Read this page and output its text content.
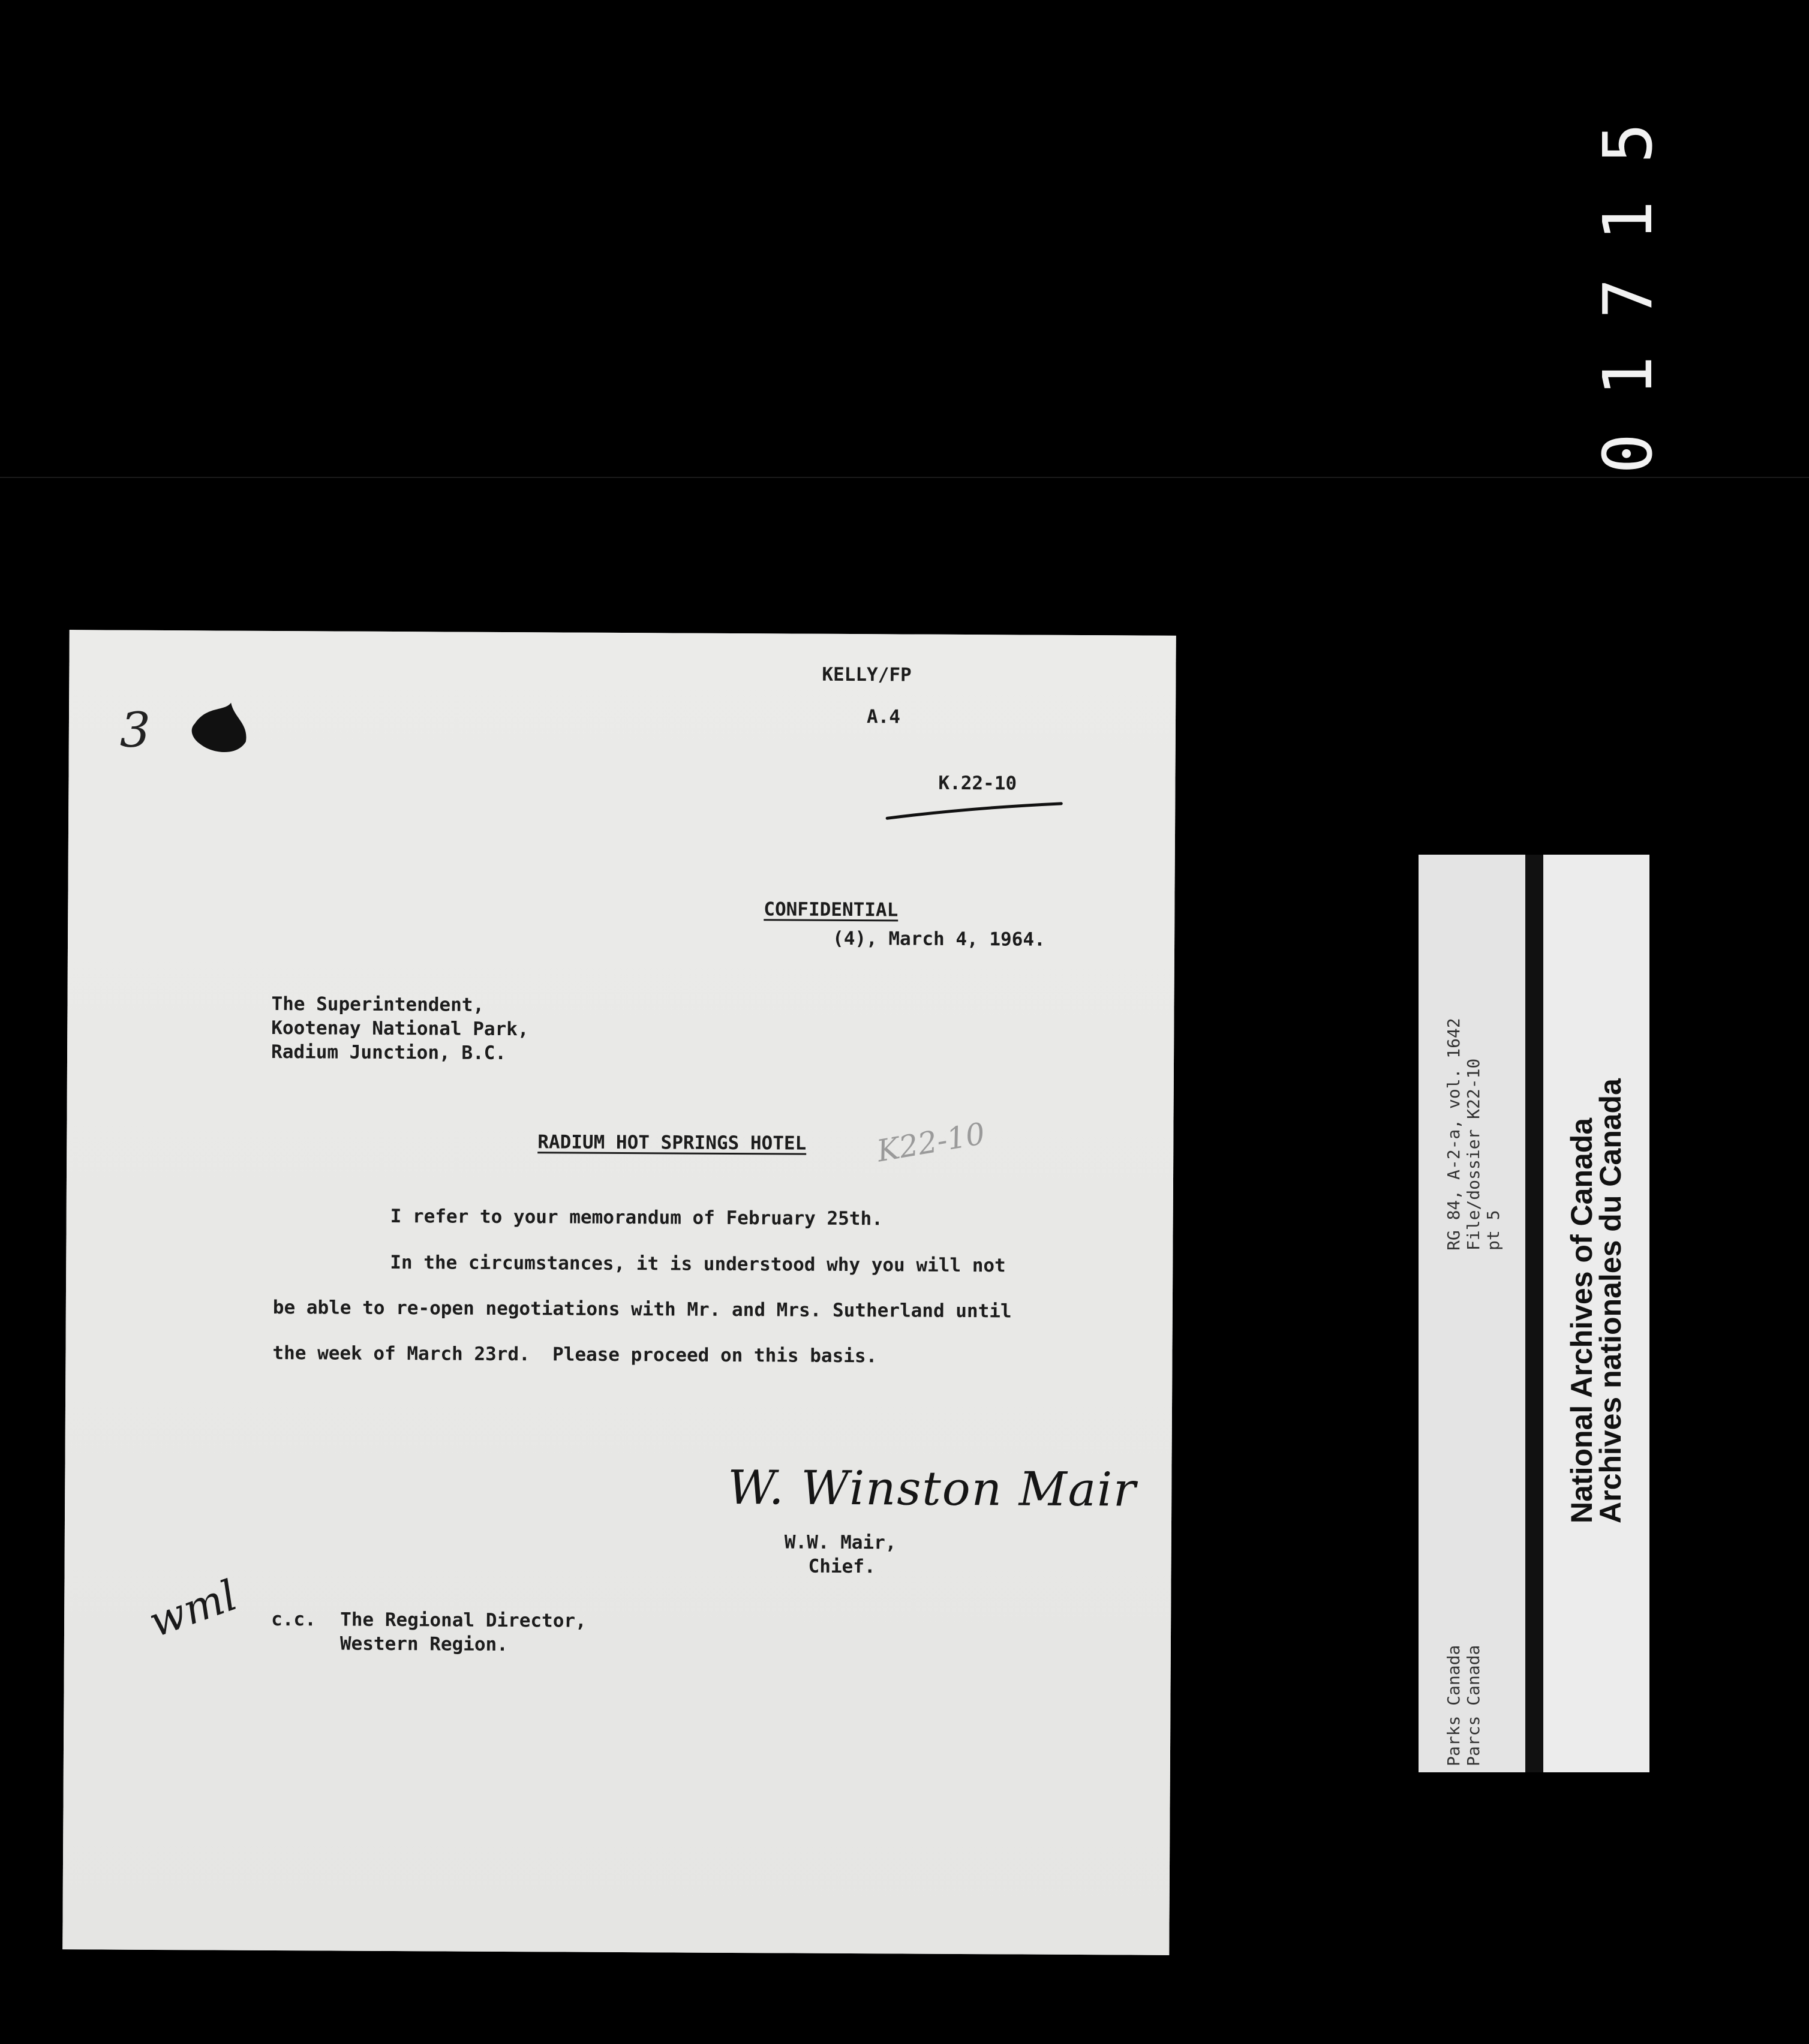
01715
3
KELLY/FP
A.4
K.22-10
CONFIDENTIAL
(4), March 4, 1964.
The Superintendent,
Kootenay National Park,
Radium Junction, B.C.
RADIUM HOT SPRINGS HOTEL K22-10
I refer to your memorandum of February 25th.
In the circumstances, it is understood why you will not
be able to re-open negotiations with Mr. and Mrs. Sutherland until
the week of March 23rd.  Please proceed on this basis.
W. Winston Mair
W.W. Mair,
Chief.
wml c.c. The Regional Director,
Western Region.
RG 84, A-2-a, vol. 1642 File/dossier K22-10 pt 5
Parks Canada Parcs Canada
National Archives of Canada
Archives nationales du Canada
